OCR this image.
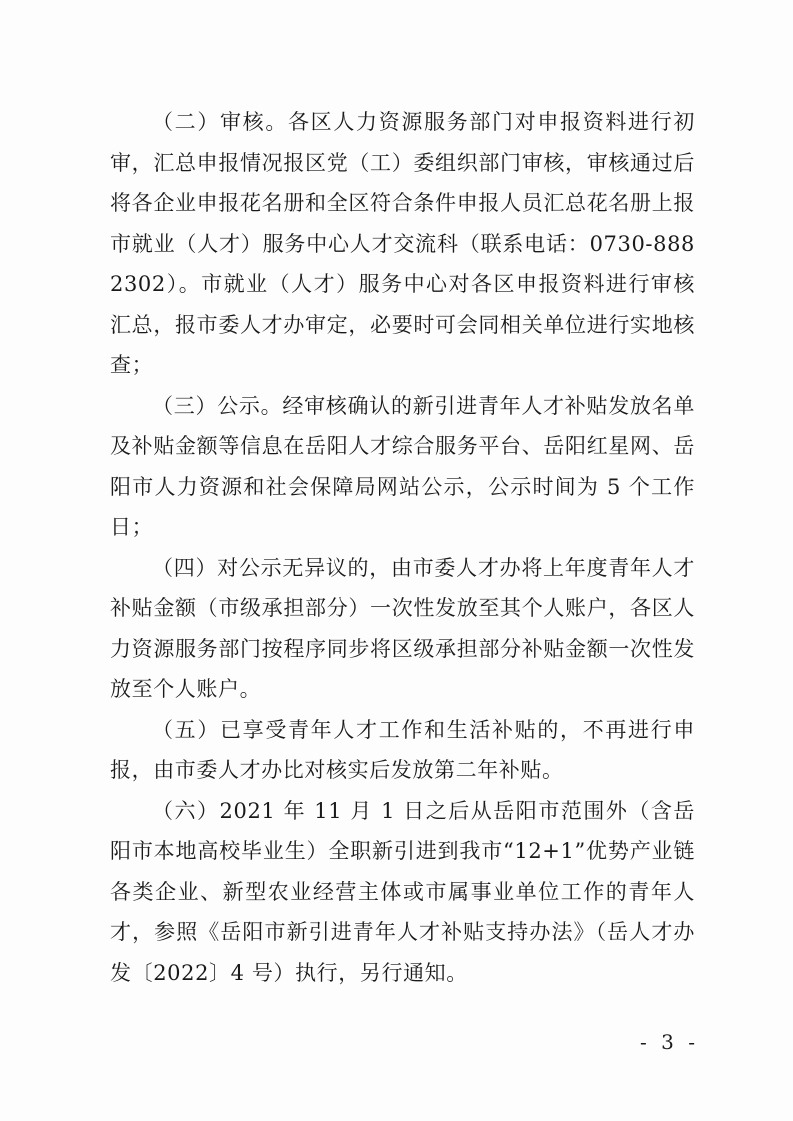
（二）审核。各区人力资源服务部门对申报资料进行初审，汇总申报情况报区党（工）委组织部门审核，审核通过后将各企业申报花名册和全区符合条件申报人员汇总花名册上报市就业（人才）服务中心人才交流科（联系电话：0730-8882302）。市就业（人才）服务中心对各区申报资料进行审核汇总，报市委人才办审定，必要时可会同相关单位进行实地核查；

（三）公示。经审核确认的新引进青年人才补贴发放名单及补贴金额等信息在岳阳人才综合服务平台、岳阳红星网、岳阳市人力资源和社会保障局网站公示，公示时间为 5 个工作日；

（四）对公示无异议的，由市委人才办将上年度青年人才补贴金额（市级承担部分）一次性发放至其个人账户，各区人力资源服务部门按程序同步将区级承担部分补贴金额一次性发放至个人账户。

（五）已享受青年人才工作和生活补贴的，不再进行申报，由市委人才办比对核实后发放第二年补贴。

（六）2021 年 11 月 1 日之后从岳阳市范围外（含岳阳市本地高校毕业生）全职新引进到我市“12+1”优势产业链各类企业、新型农业经营主体或市属事业单位工作的青年人才，参照《岳阳市新引进青年人才补贴支持办法》（岳人才办发〔2022〕4 号）执行，另行通知。

- 3 -
